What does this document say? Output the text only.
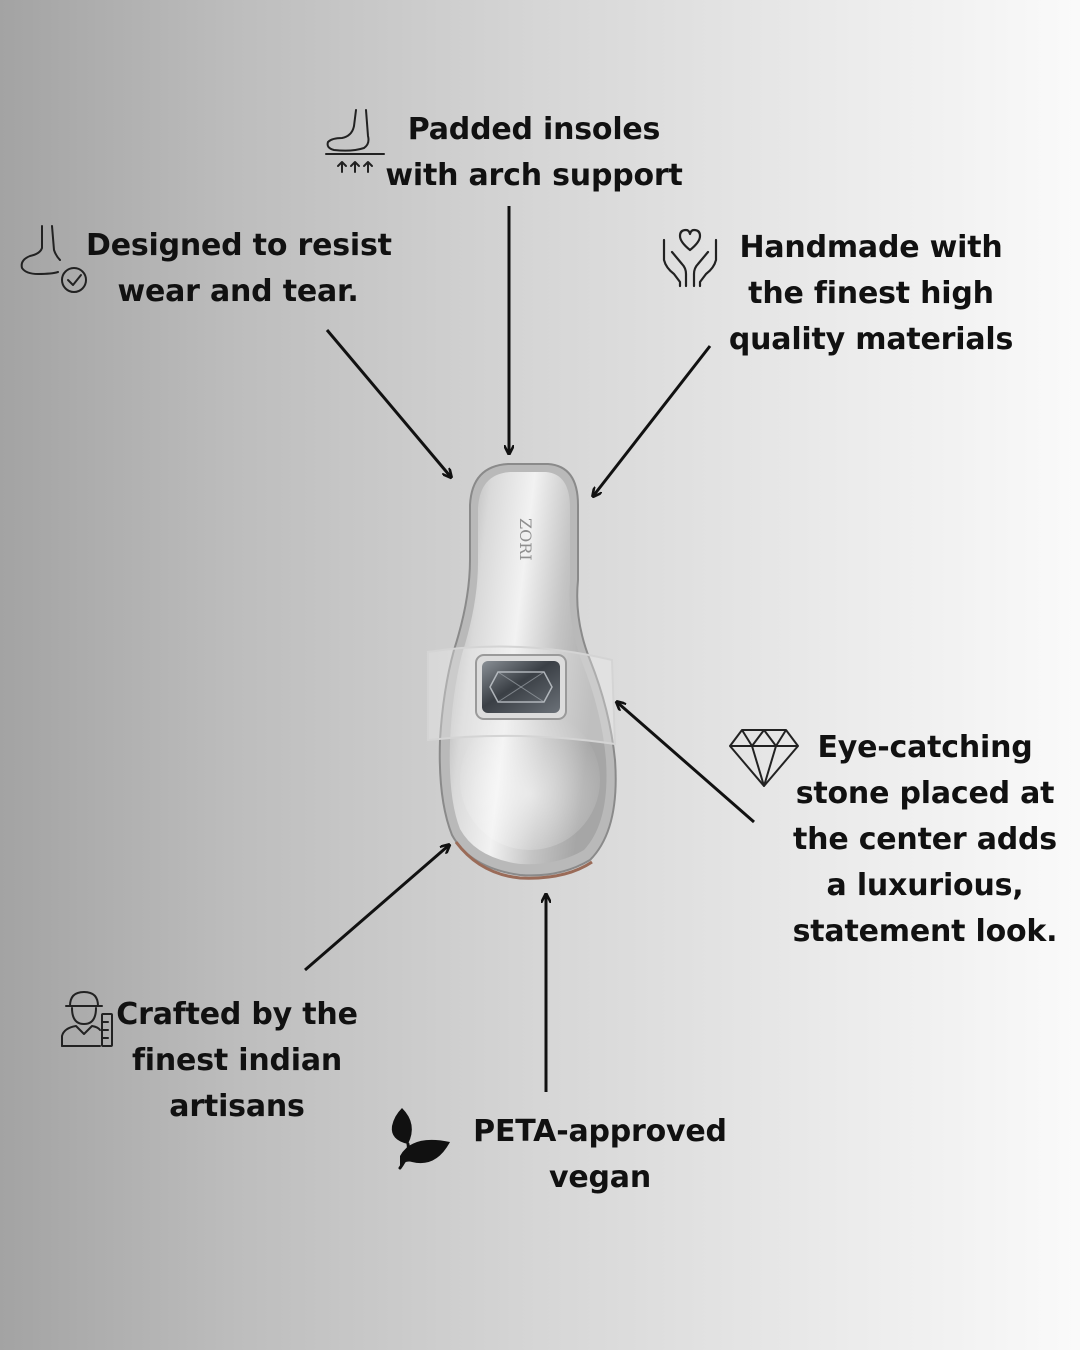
ZORI
Padded insoles
with arch support
Designed to resist
wear and tear.
Handmade with
the finest high
quality materials
Eye-catching
stone placed at
the center adds
a luxurious,
statement look.
Crafted by the
finest indian
artisans
PETA-approved
vegan
